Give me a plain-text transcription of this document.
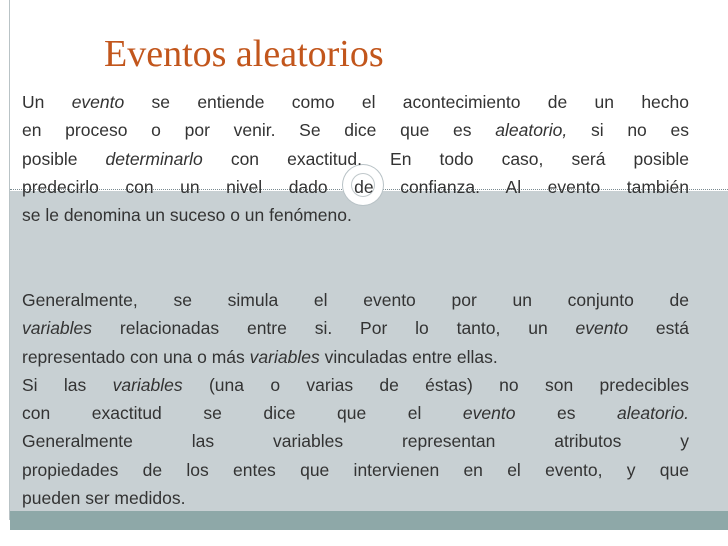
Eventos aleatorios
Un evento se entiende como el acontecimiento de un hecho
en proceso o por venir. Se dice que es aleatorio, si no es
posible determinarlo con exactitud. En todo caso, será posible
predecirlo con un nivel dado de confianza. Al evento también
se le denomina un suceso o un fenómeno.
Generalmente, se simula el evento por un conjunto de
variables relacionadas entre si. Por lo tanto, un evento está
representado con una o más variables vinculadas entre ellas.
Si las variables (una o varias de éstas) no son predecibles
con exactitud se dice que el evento es aleatorio.
Generalmente las variables representan atributos y
propiedades de los entes que intervienen en el evento, y que
pueden ser medidos.
